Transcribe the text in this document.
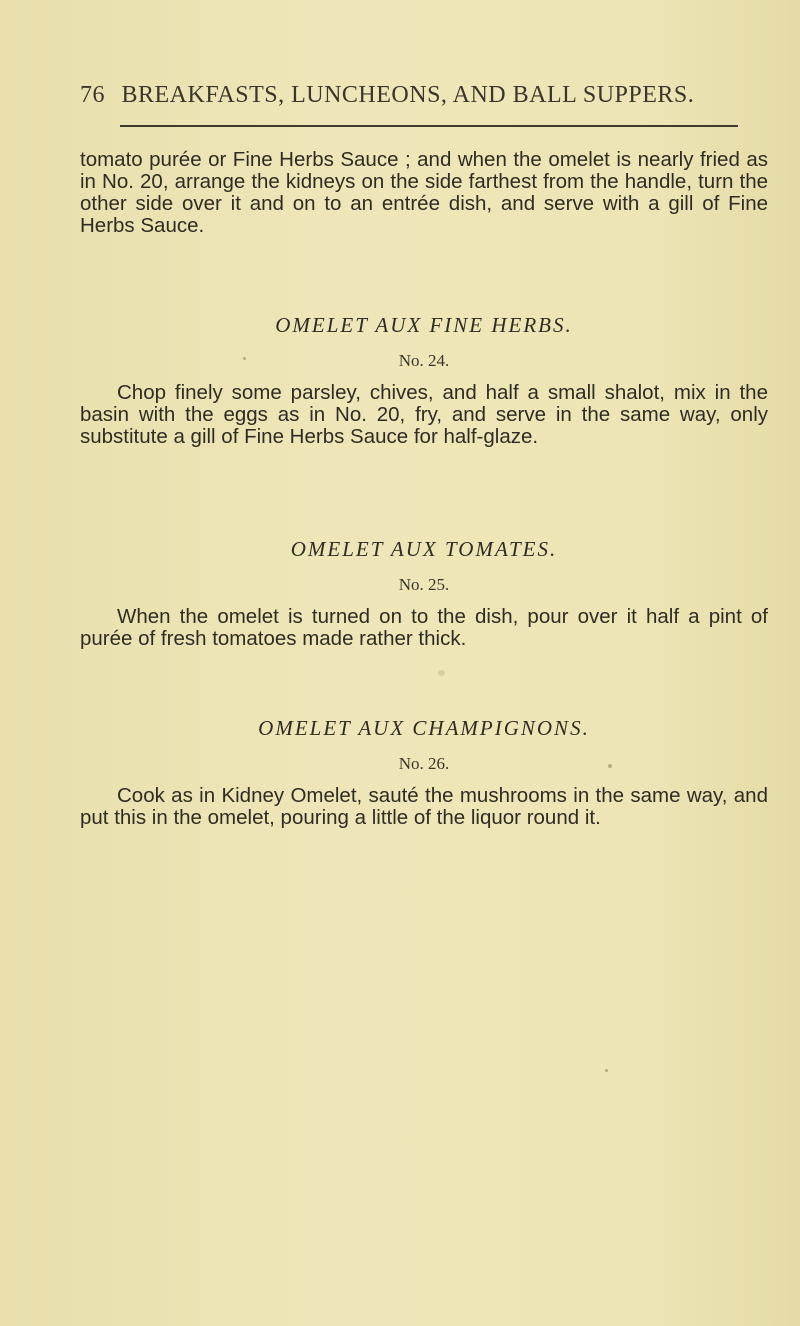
76 BREAKFASTS, LUNCHEONS, AND BALL SUPPERS.

tomato purée or Fine Herbs Sauce ; and when the omelet is nearly fried as in No. 20, arrange the kidneys on the side farthest from the handle, turn the other side over it and on to an entrée dish, and serve with a gill of Fine Herbs Sauce.

OMELET AUX FINE HERBS.
No. 24.

Chop finely some parsley, chives, and half a small shalot, mix in the basin with the eggs as in No. 20, fry, and serve in the same way, only substitute a gill of Fine Herbs Sauce for half-glaze.

OMELET AUX TOMATES.
No. 25.

When the omelet is turned on to the dish, pour over it half a pint of purée of fresh tomatoes made rather thick.

OMELET AUX CHAMPIGNONS.
No. 26.

Cook as in Kidney Omelet, sauté the mushrooms in the same way, and put this in the omelet, pouring a little of the liquor round it.
